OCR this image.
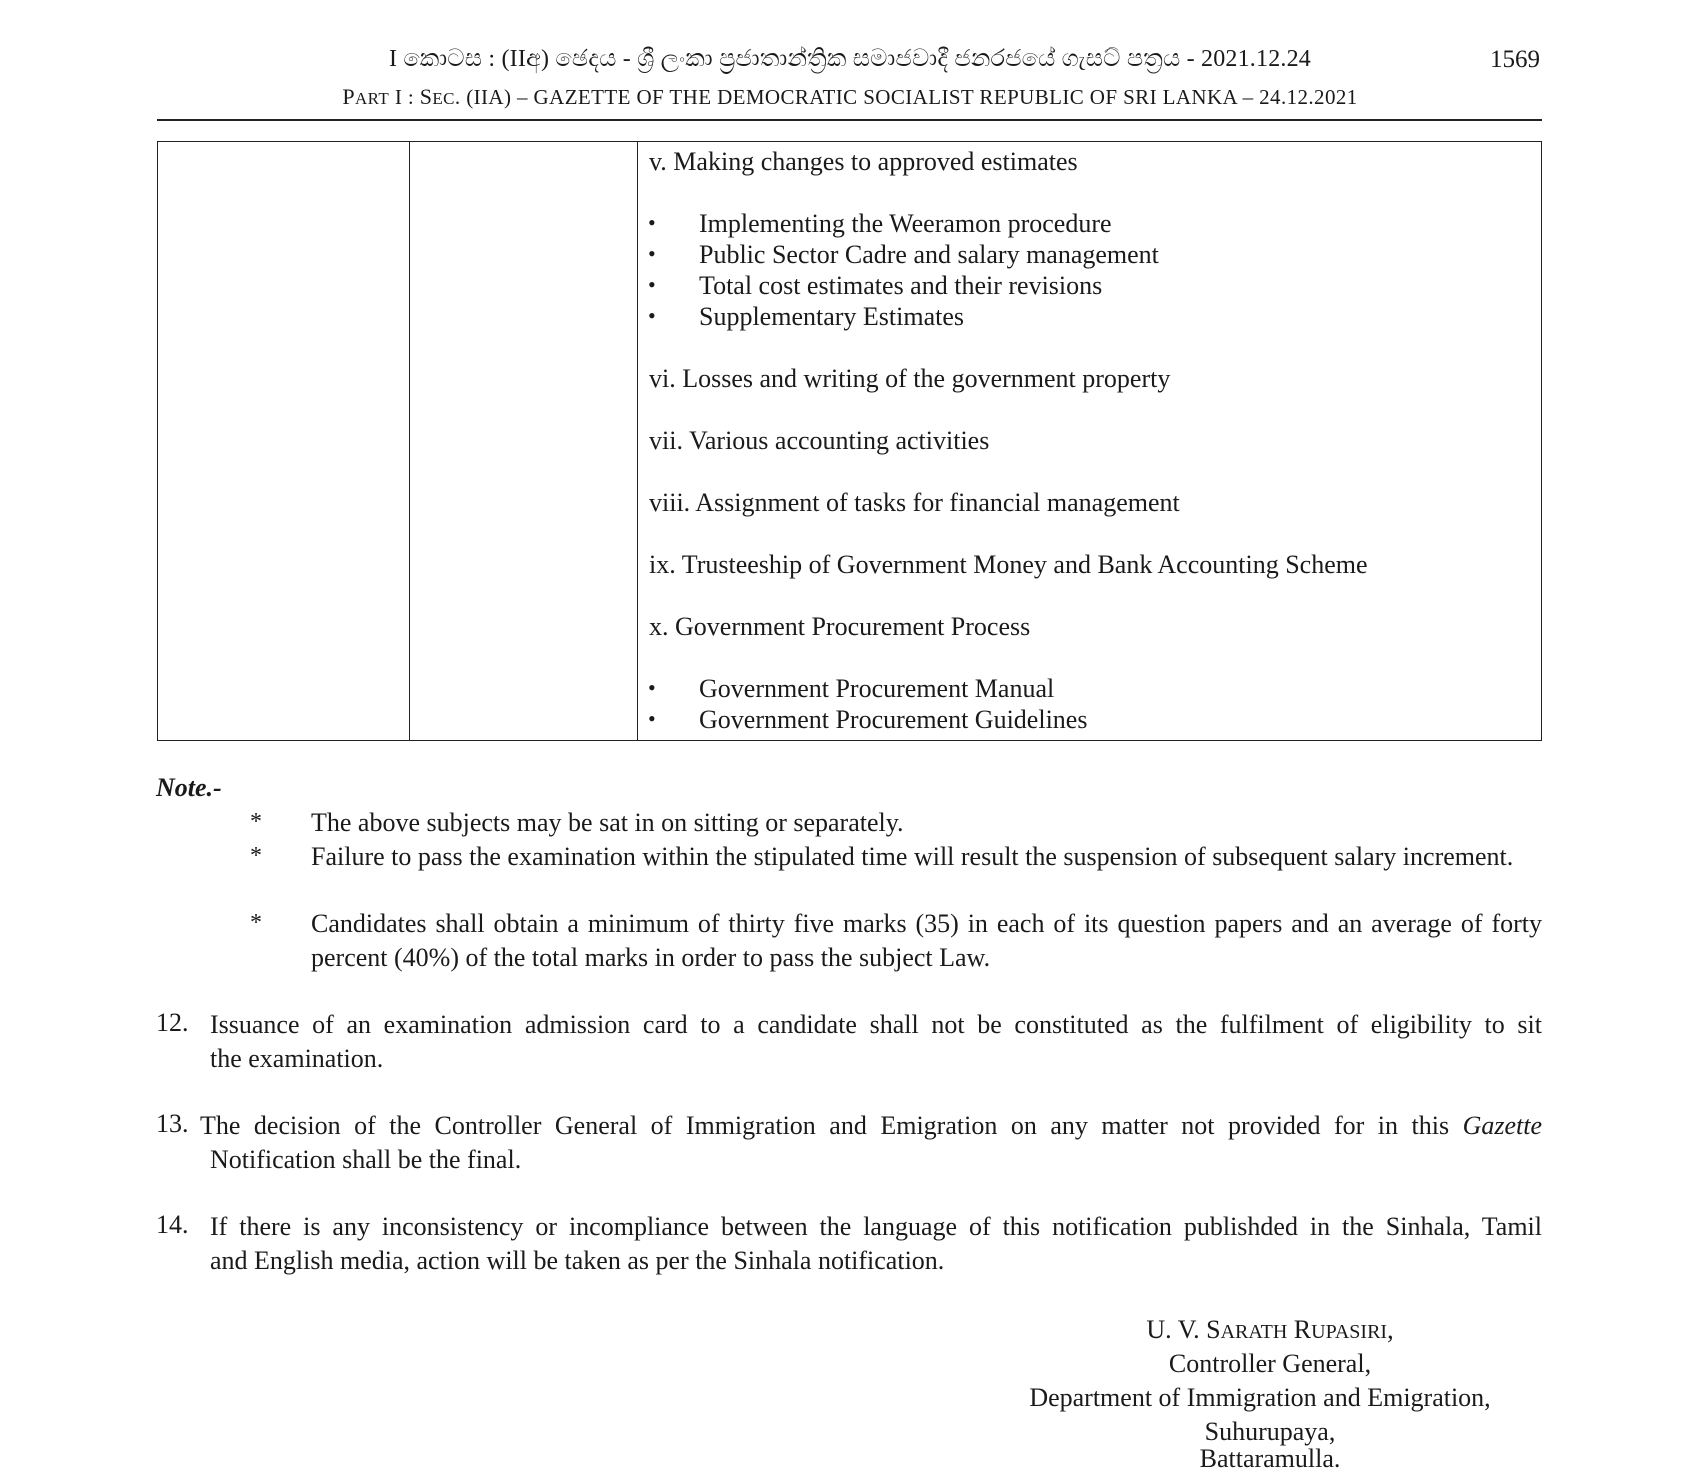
I කොටස : (IIඅ) ඡෙදය - ශ්‍රී ලංකා ප්‍රජාතාන්ත්‍රික සමාජවාදී ජනරජයේ ගැසට් පත්‍රය - 2021.12.24	1569
PART I : SEC. (IIA) – GAZETTE OF THE DEMOCRATIC SOCIALIST REPUBLIC OF SRI LANKA – 24.12.2021
v. Making changes to approved estimates
• Implementing the Weeramon procedure
• Public Sector Cadre and salary management
• Total cost estimates and their revisions
• Supplementary Estimates
vi. Losses and writing of the government property
vii. Various accounting activities
viii. Assignment of tasks for financial management
ix. Trusteeship of Government Money and Bank Accounting Scheme
x. Government Procurement Process
• Government Procurement Manual
• Government Procurement Guidelines
Note.-
* The above subjects may be sat in on sitting or separately.
* Failure to pass the examination within the stipulated time will result the suspension of subsequent salary increment.
* Candidates shall obtain a minimum of thirty five marks (35) in each of its question papers and an average of forty percent (40%) of the total marks in order to pass the subject Law.
12. Issuance of an examination admission card to a candidate shall not be constituted as the fulfilment of eligibility to sit
the examination.
13. The decision of the Controller General of Immigration and Emigration on any matter not provided for in this Gazette
Notification shall be the final.
14. If there is any inconsistency or incompliance between the language of this notification publishded in the Sinhala, Tamil
and English media, action will be taken as per the Sinhala notification.
U. V. SARATH RUPASIRI,
Controller General,
Department of Immigration and Emigration,
Suhurupaya,
Battaramulla.
